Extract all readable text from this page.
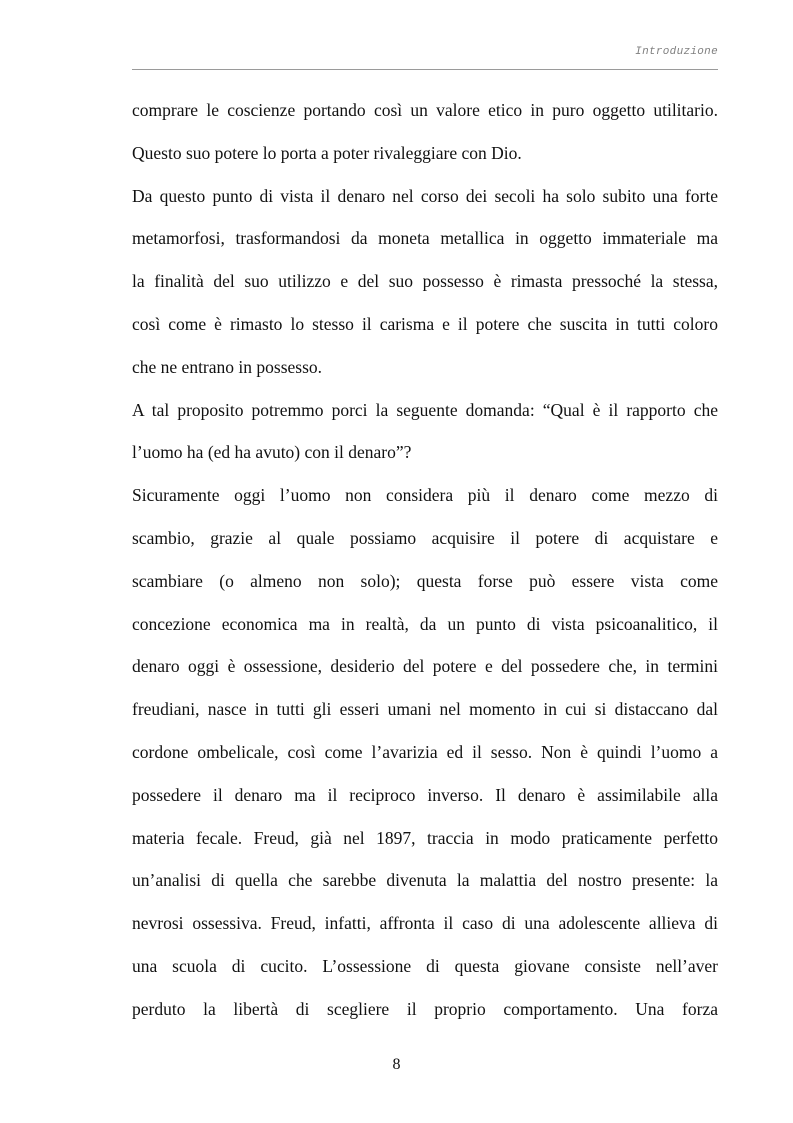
Introduzione
comprare le coscienze portando così un valore etico in puro oggetto utilitario.
Questo suo potere lo porta a poter rivaleggiare con Dio.
Da questo punto di vista il denaro nel corso dei secoli ha solo subito una forte
metamorfosi, trasformandosi da moneta metallica in oggetto immateriale ma
la finalità del suo utilizzo e del suo possesso è rimasta pressoché la stessa,
così come è rimasto lo stesso il carisma e il potere che suscita in tutti coloro
che ne entrano in possesso.
A tal proposito potremmo porci la seguente domanda: “Qual è il rapporto che
l’uomo ha (ed ha avuto) con il denaro”?
Sicuramente oggi l’uomo non considera più il denaro come mezzo di
scambio, grazie al quale possiamo acquisire il potere di acquistare e
scambiare (o almeno non solo); questa forse può essere vista come
concezione economica ma in realtà, da un punto di vista psicoanalitico, il
denaro oggi è ossessione, desiderio del potere e del possedere che, in termini
freudiani, nasce in tutti gli esseri umani nel momento in cui si distaccano dal
cordone ombelicale, così come l’avarizia ed il sesso. Non è quindi l’uomo a
possedere il denaro ma il reciproco inverso. Il denaro è assimilabile alla
materia fecale. Freud, già nel 1897, traccia in modo praticamente perfetto
un’analisi di quella che sarebbe divenuta la malattia del nostro presente: la
nevrosi ossessiva. Freud, infatti, affronta il caso di una adolescente allieva di
una scuola di cucito. L’ossessione di questa giovane consiste nell’aver
perduto la libertà di scegliere il proprio comportamento. Una forza
8
